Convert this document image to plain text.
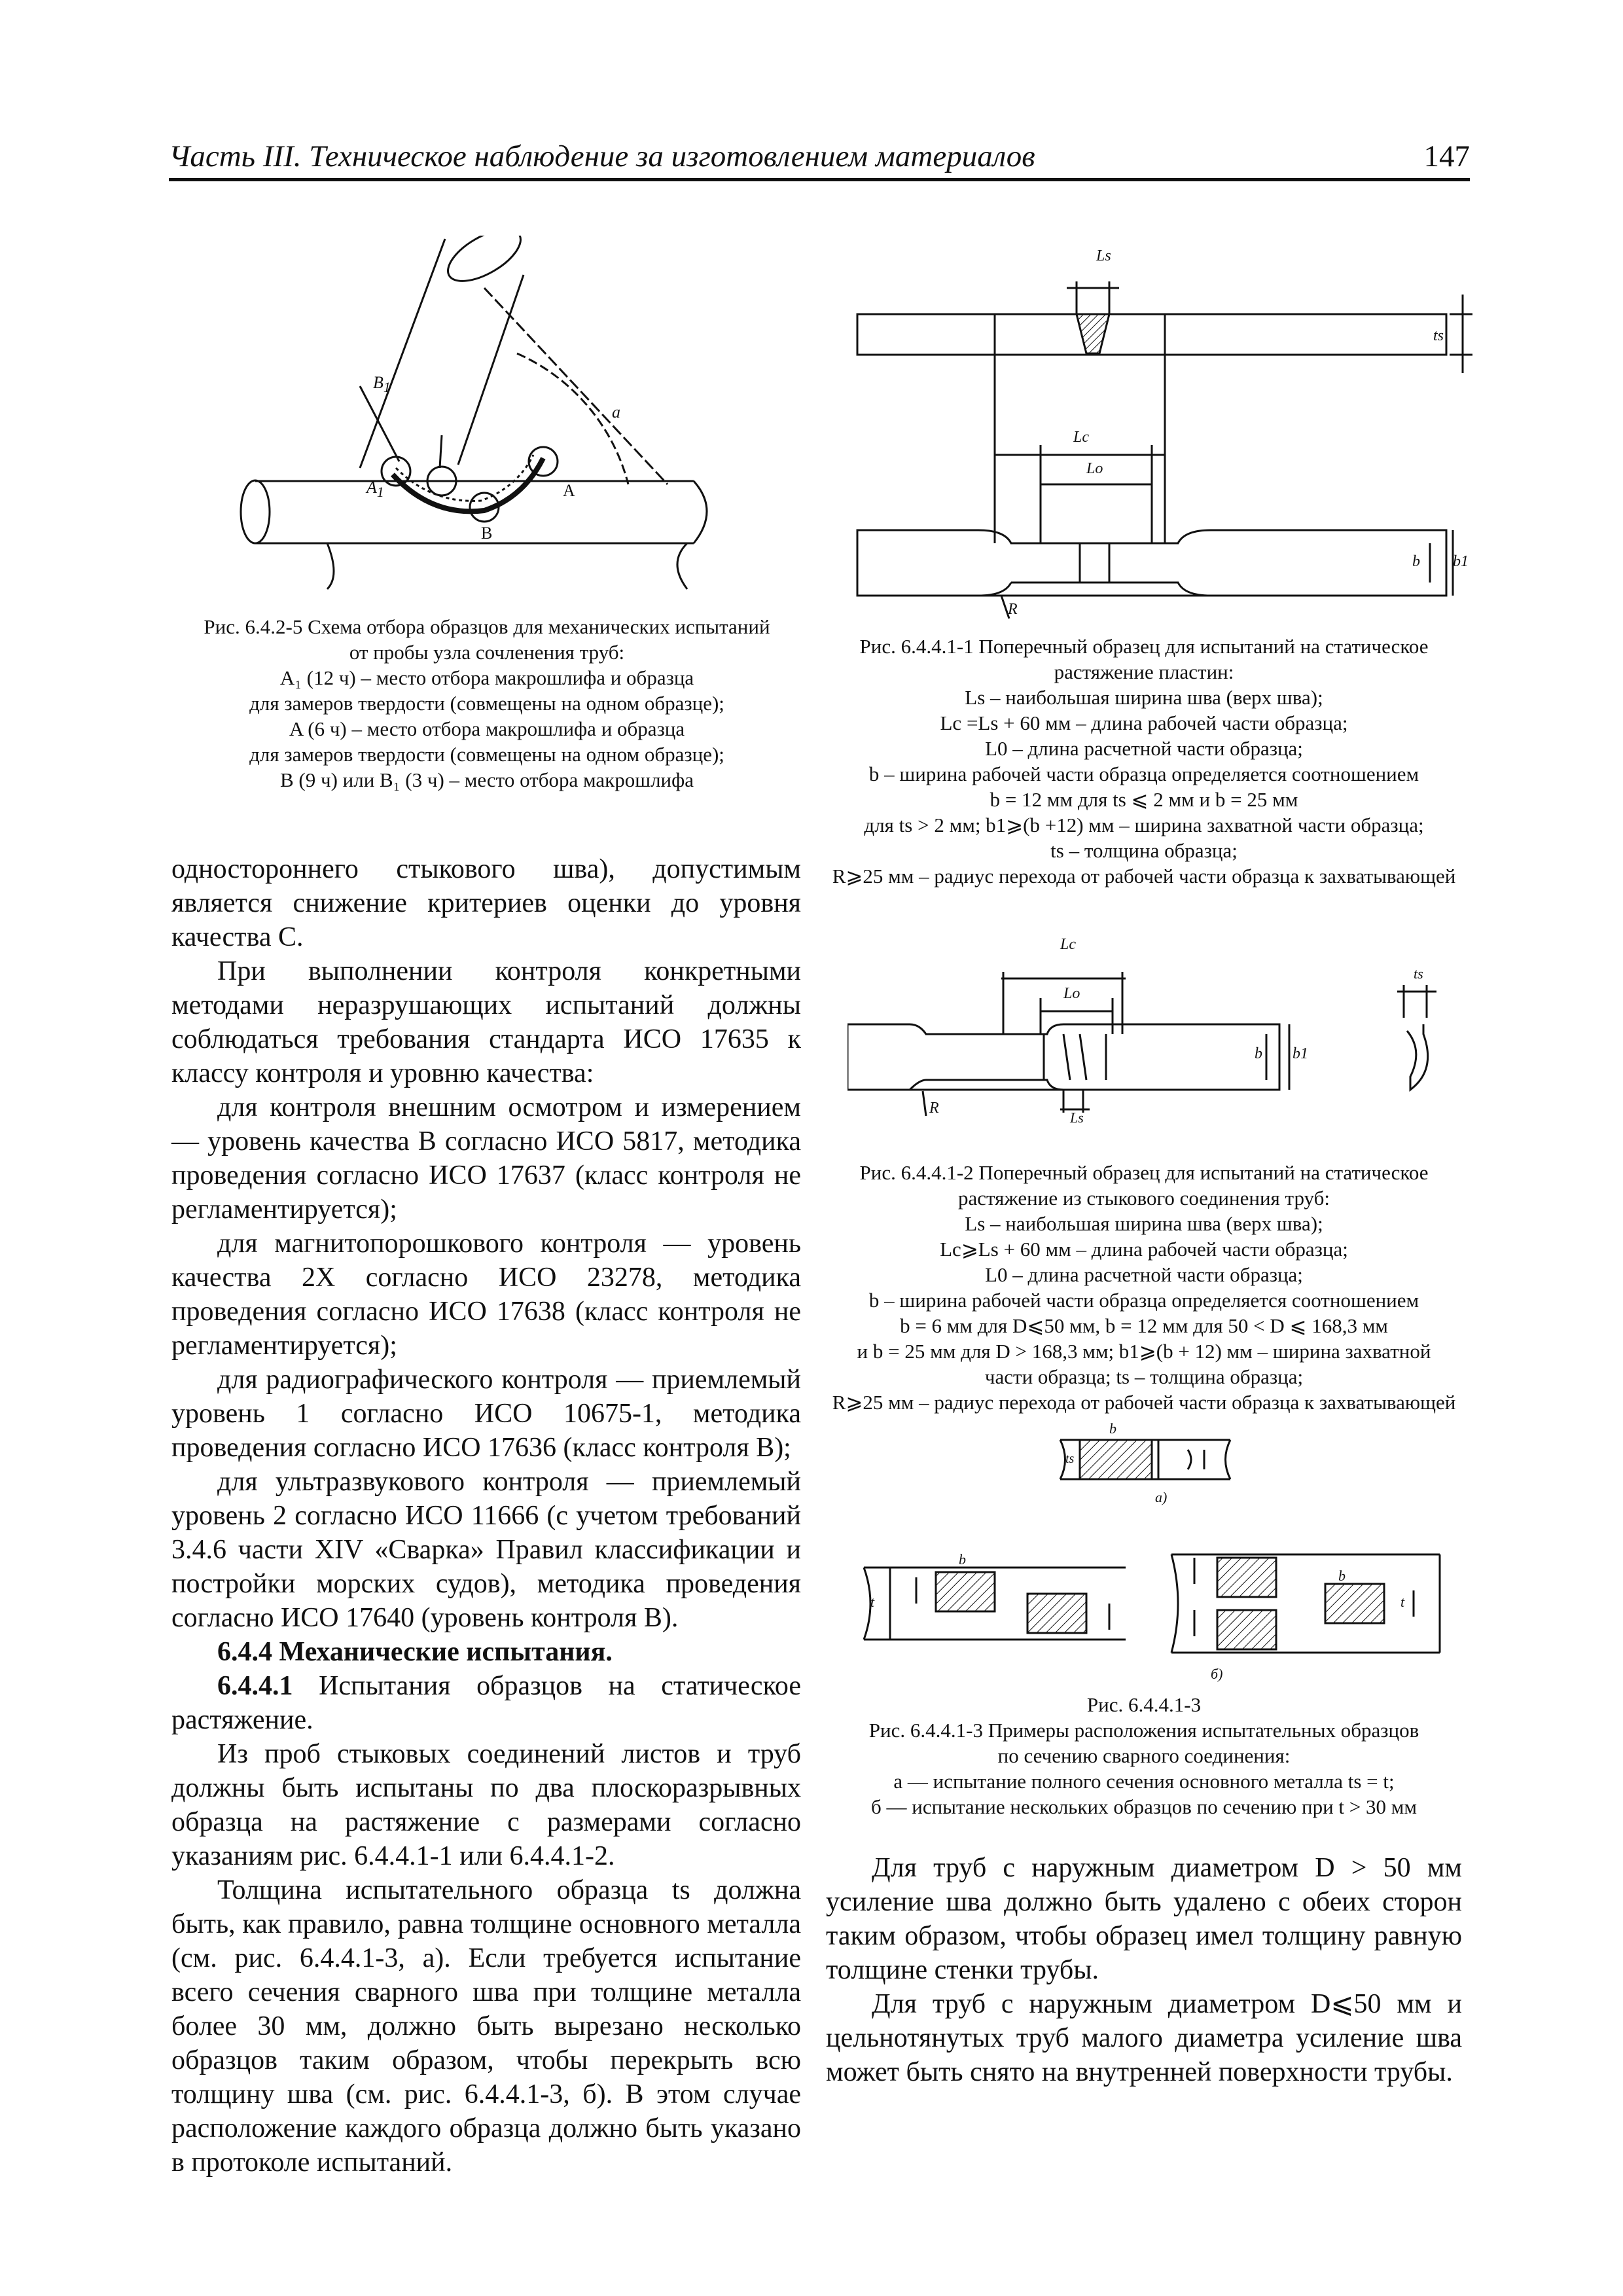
Часть III. Техническое наблюдение за изготовлением материалов	147
$B_1$
$A_1$
B
A
a
Рис. 6.4.2-5 Схема отбора образцов для механических испытаний
от пробы узла сочленения труб:
A₁ (12 ч) – место отбора макрошлифа и образца
для замеров твердости (совмещены на одном образце);
A (6 ч) – место отбора макрошлифа и образца
для замеров твердости (совмещены на одном образце);
B (9 ч) или B₁ (3 ч) – место отбора макрошлифа
Ls
ts
Lc
Lo
b b1
R
Рис. 6.4.4.1-1 Поперечный образец для испытаний на статическое
растяжение пластин:
Ls – наибольшая ширина шва (верх шва);
Lc =Ls + 60 мм – длина рабочей части образца;
L0 – длина расчетной части образца;
b – ширина рабочей части образца определяется соотношением
b = 12 мм для ts ⩽ 2 мм и b = 25 мм
для ts > 2 мм; b1⩾(b +12) мм – ширина захватной части образца;
ts – толщина образца;
R⩾25 мм – радиус перехода от рабочей части образца к захватывающей
Lc
Lo
b b1
R
Ls
ts
Рис. 6.4.4.1-2 Поперечный образец для испытаний на статическое
растяжение из стыкового соединения труб:
Ls – наибольшая ширина шва (верх шва);
Lc⩾Ls + 60 мм – длина рабочей части образца;
L0 – длина расчетной части образца;
b – ширина рабочей части образца определяется соотношением
b = 6 мм для D⩽50 мм, b = 12 мм для 50 < D ⩽ 168,3 мм
и b = 25 мм для D > 168,3 мм; b1⩾(b + 12) мм – ширина захватной
части образца; ts – толщина образца;
R⩾25 мм – радиус перехода от рабочей части образца к захватывающей
b
ts
а)
b
t	t
b
б)
Рис. 6.4.4.1-3
Рис. 6.4.4.1-3 Примеры расположения испытательных образцов
по сечению сварного соединения:
а — испытание полного сечения основного металла ts = t;
б — испытание нескольких образцов по сечению при t > 30 мм

одностороннего стыкового шва), допустимым является снижение критериев оценки до уровня качества С.

При выполнении контроля конкретными методами неразрушающих испытаний должны соблюдаться требования стандарта ИСО 17635 к классу контроля и уровню качества:

для контроля внешним осмотром и измерением — уровень качества В согласно ИСО 5817, методика проведения согласно ИСО 17637 (класс контроля не регламентируется);

для магнитопорошкового контроля — уровень качества 2Х согласно ИСО 23278, методика проведения согласно ИСО 17638 (класс контроля не регламентируется);

для радиографического контроля — приемлемый уровень 1 согласно ИСО 10675-1, методика проведения согласно ИСО 17636 (класс контроля В);

для ультразвукового контроля — приемлемый уровень 2 согласно ИСО 11666 (с учетом требований 3.4.6 части XIV «Сварка» Правил классификации и постройки морских судов), методика проведения согласно ИСО 17640 (уровень контроля В).

6.4.4 Механические испытания.

6.4.4.1 Испытания образцов на статическое растяжение.

Из проб стыковых соединений листов и труб должны быть испытаны по два плоскоразрывных образца на растяжение с размерами согласно указаниям рис. 6.4.4.1-1 или 6.4.4.1-2.

Толщина испытательного образца ts должна быть, как правило, равна толщине основного металла (см. рис. 6.4.4.1-3, а). Если требуется испытание всего сечения сварного шва при толщине металла более 30 мм, должно быть вырезано несколько образцов таким образом, чтобы перекрыть всю толщину шва (см. рис. 6.4.4.1-3, б). В этом случае расположение каждого образца должно быть указано в протоколе испытаний.

Для труб с наружным диаметром D > 50 мм усиление шва должно быть удалено с обеих сторон таким образом, чтобы образец имел толщину равную толщине стенки трубы.

Для труб с наружным диаметром D⩽50 мм и цельнотянутых труб малого диаметра усиление шва может быть снято на внутренней поверхности трубы.
